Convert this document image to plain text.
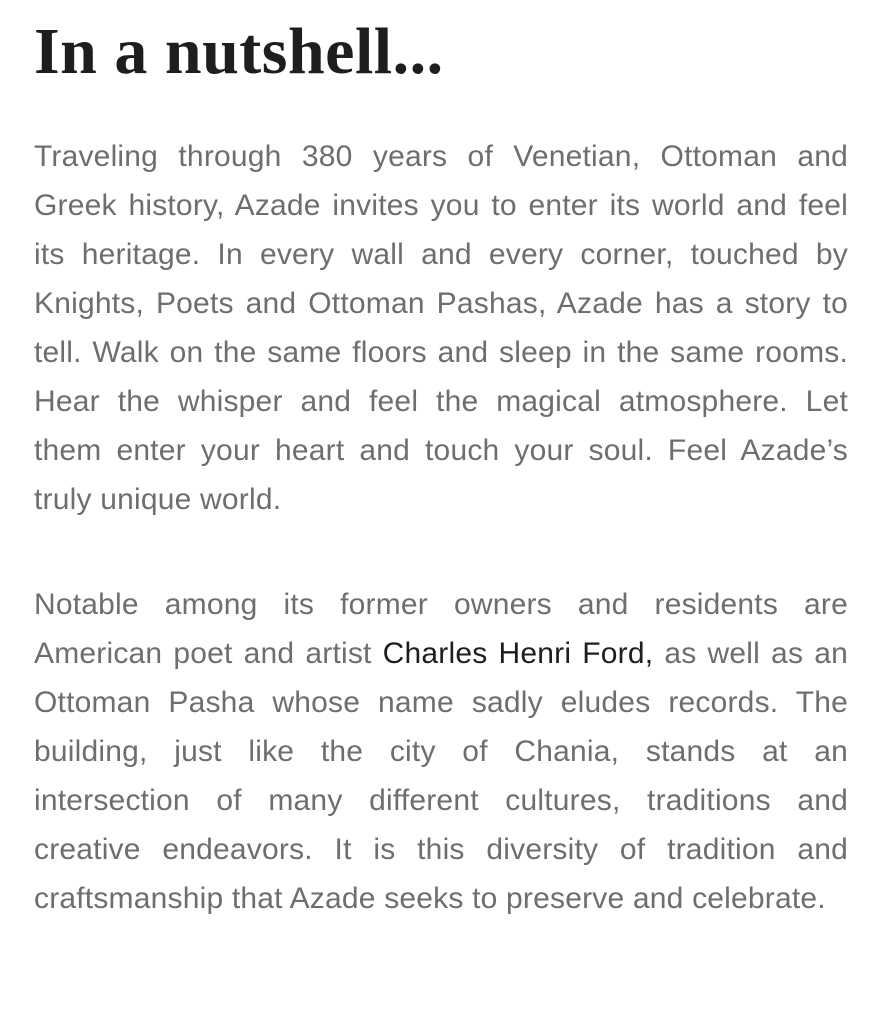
In a nutshell...

Traveling through 380 years of Venetian, Ottoman and Greek history, Azade invites you to enter its world and feel its heritage. In every wall and every corner, touched by Knights, Poets and Ottoman Pashas, Azade has a story to tell. Walk on the same floors and sleep in the same rooms. Hear the whisper and feel the magical atmosphere. Let them enter your heart and touch your soul. Feel Azade’s truly unique world.

Notable among its former owners and residents are American poet and artist Charles Henri Ford, as well as an Ottoman Pasha whose name sadly eludes records. The building, just like the city of Chania, stands at an intersection of many different cultures, traditions and creative endeavors. It is this diversity of tradition and craftsmanship that Azade seeks to preserve and celebrate.
